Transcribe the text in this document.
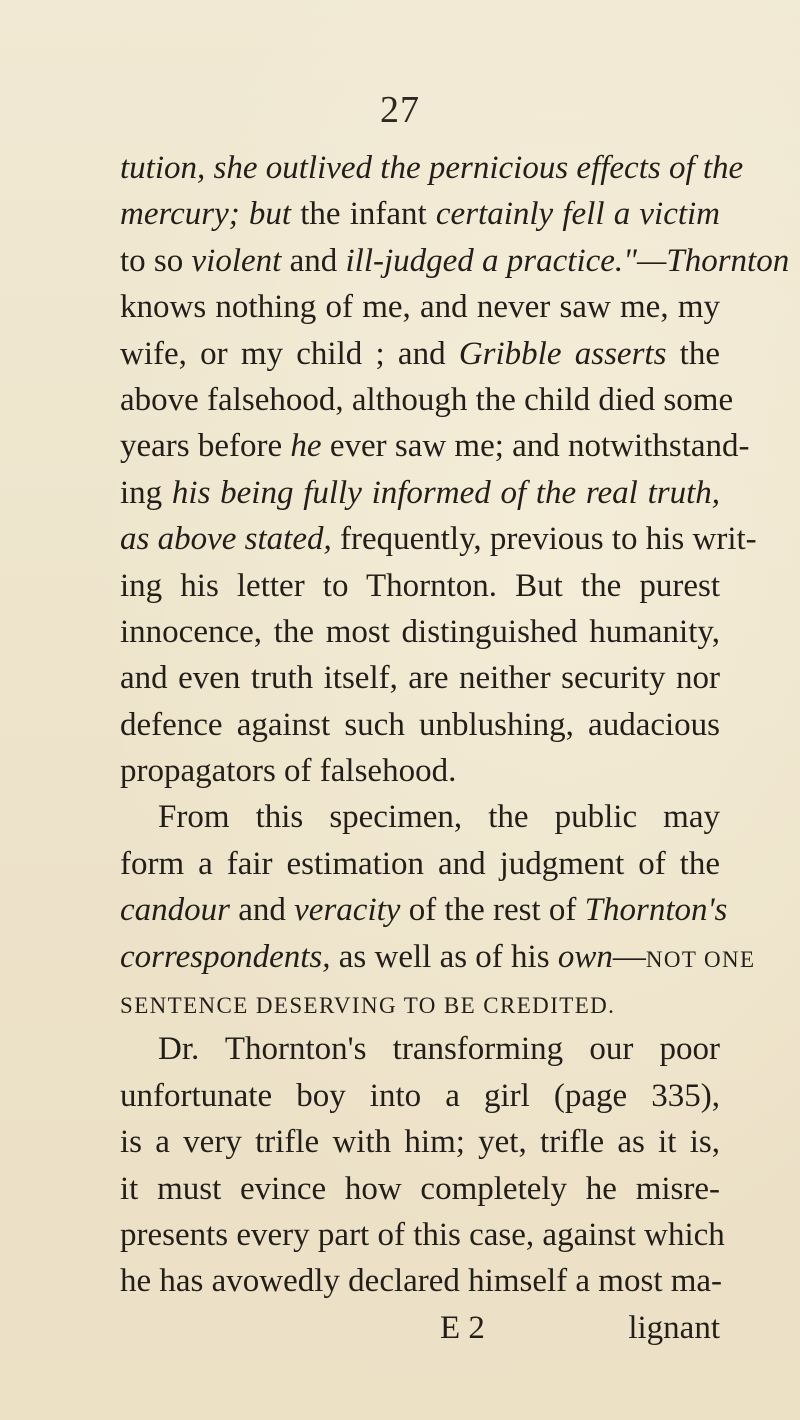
27
tution, she outlived the pernicious effects of the
mercury; but the infant certainly fell a victim
to so violent and ill-judged a practice."—Thornton
knows nothing of me, and never saw me, my
wife, or my child ; and Gribble asserts the
above falsehood, although the child died some
years before he ever saw me; and notwithstand-
ing his being fully informed of the real truth,
as above stated, frequently, previous to his writ-
ing his letter to Thornton. But the purest
innocence, the most distinguished humanity,
and even truth itself, are neither security nor
defence against such unblushing, audacious
propagators of falsehood.
From this specimen, the public may
form a fair estimation and judgment of the
candour and veracity of the rest of Thornton's
correspondents, as well as of his own—NOT ONE
SENTENCE DESERVING TO BE CREDITED.
Dr. Thornton's transforming our poor
unfortunate boy into a girl (page 335),
is a very trifle with him; yet, trifle as it is,
it must evince how completely he misre-
presents every part of this case, against which
he has avowedly declared himself a most ma-
E 2	lignant
